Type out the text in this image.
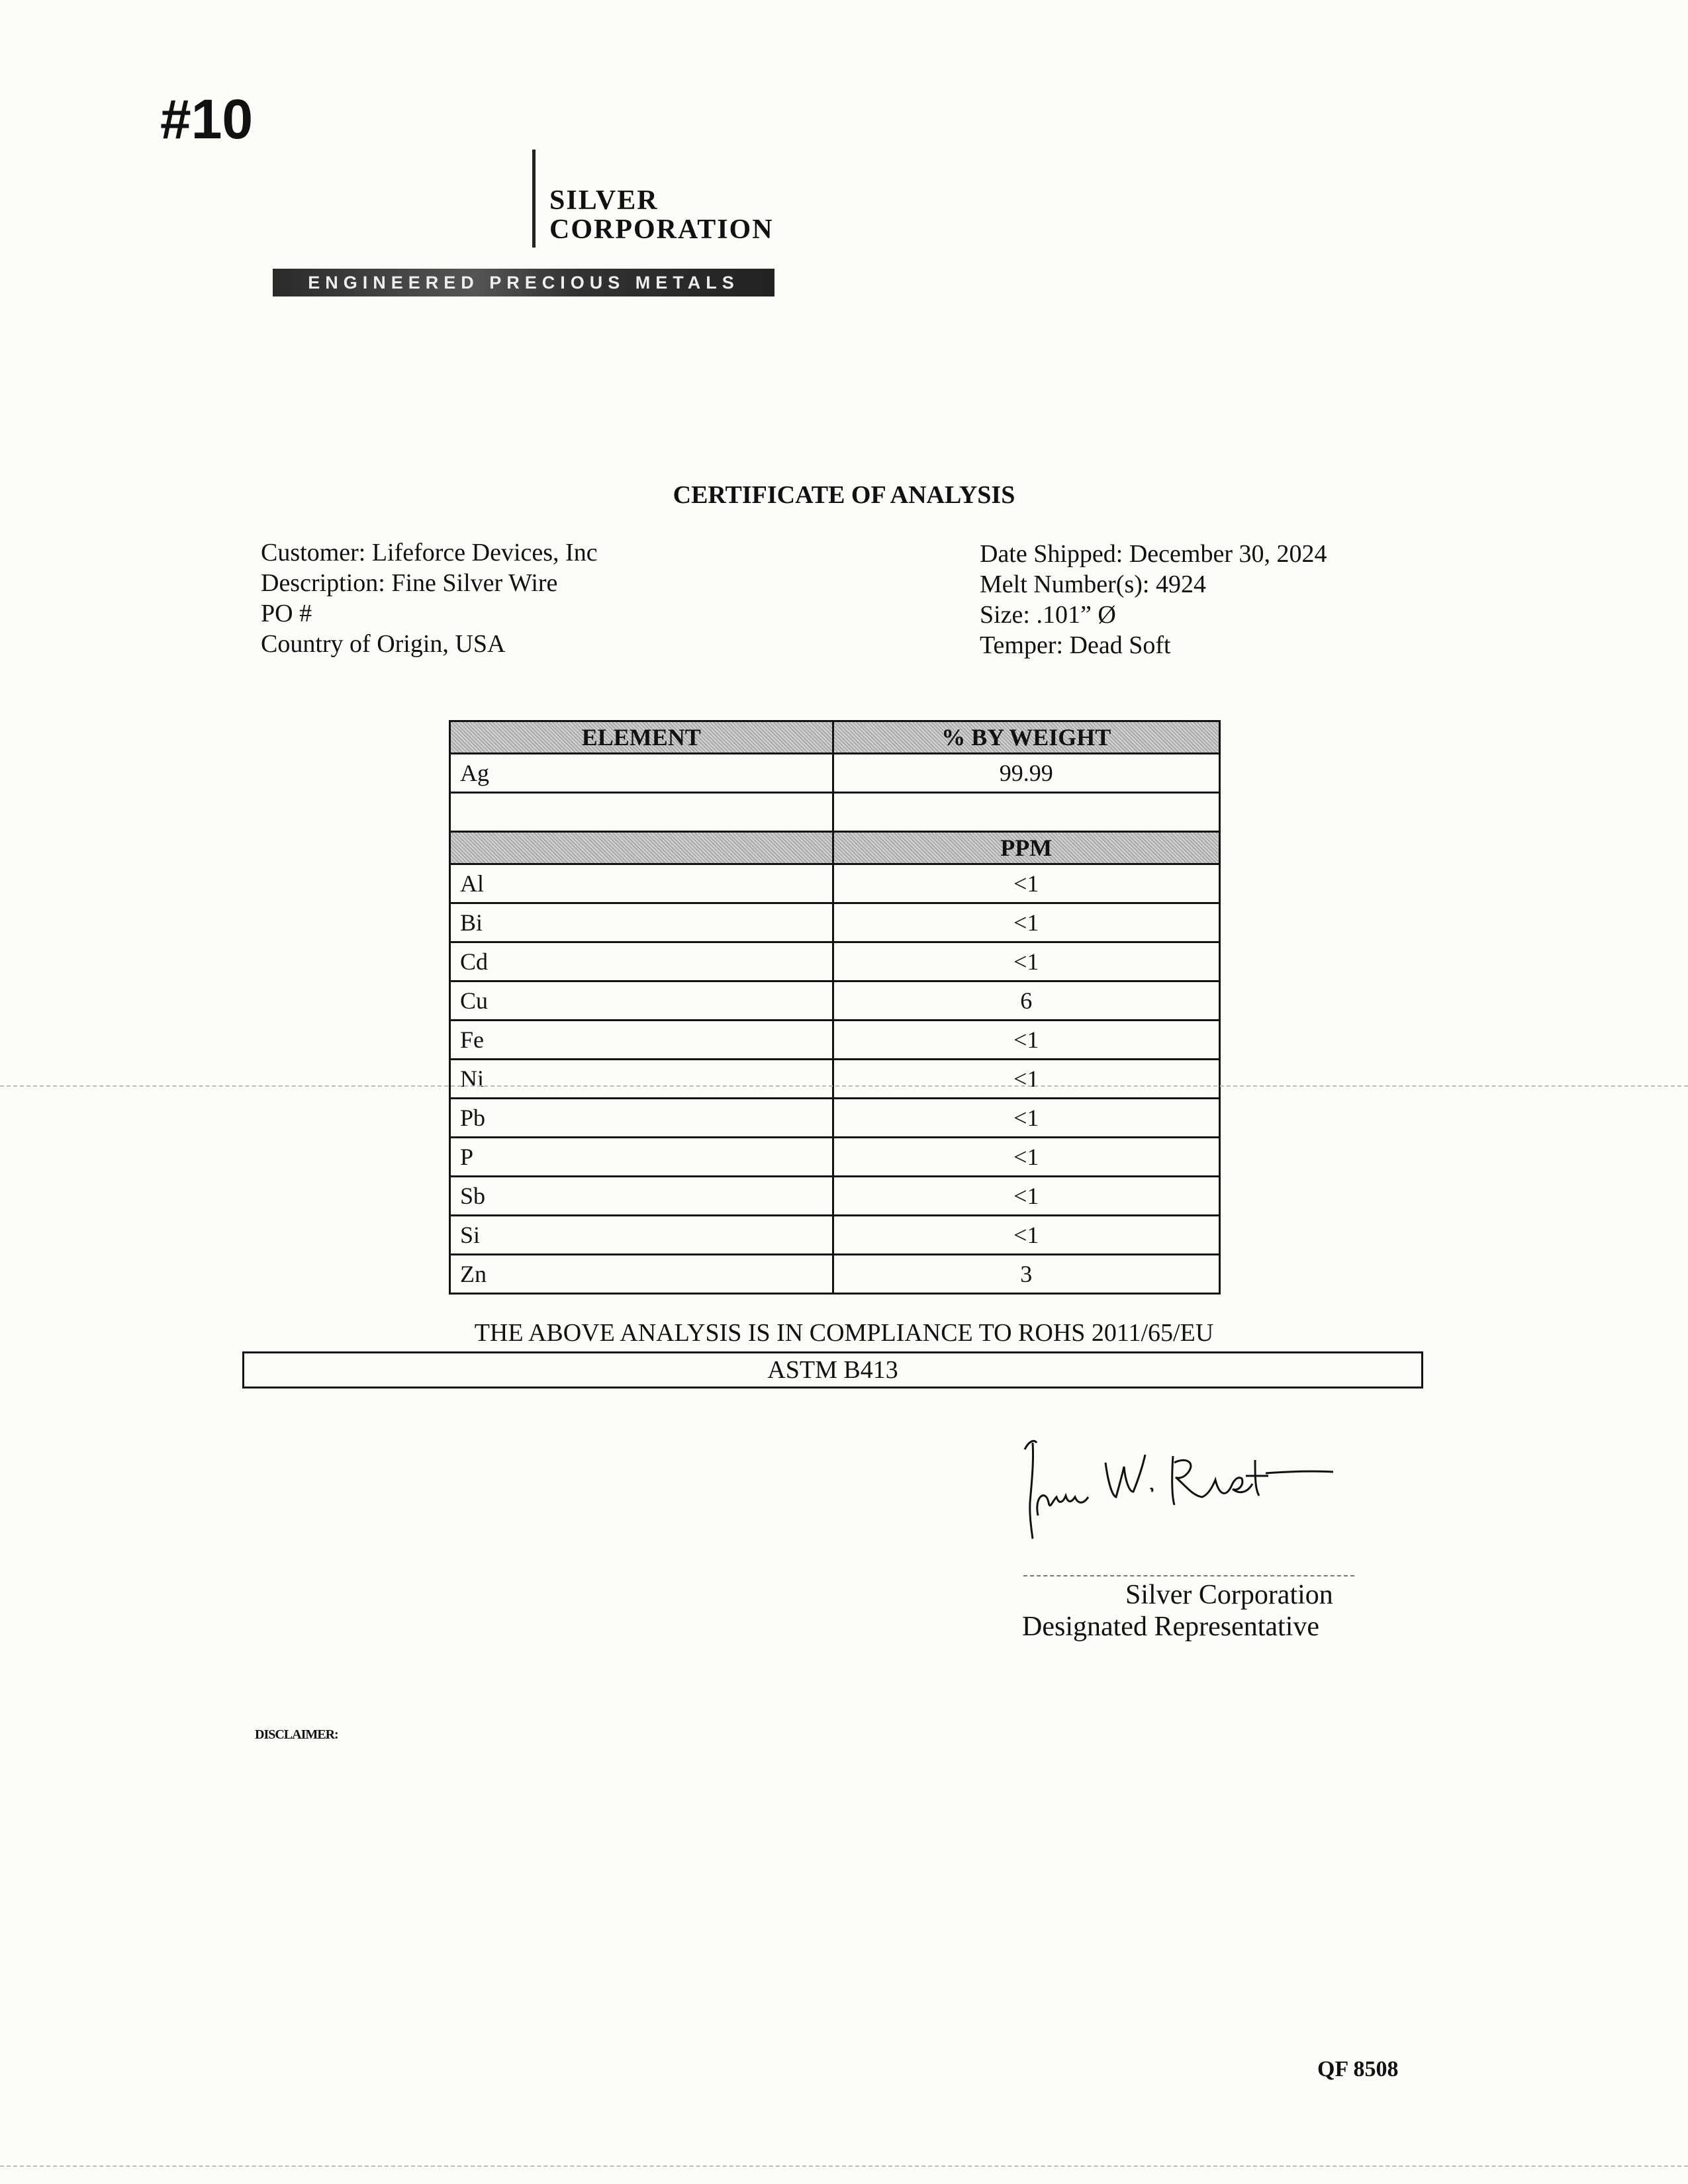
#10
SILVER
CORPORATION
ENGINEERED PRECIOUS METALS
CERTIFICATE OF ANALYSIS
Customer: Lifeforce Devices, Inc
Description: Fine Silver Wire
PO #
Country of Origin, USA
Date Shipped: December 30, 2024
Melt Number(s): 4924
Size: .101” Ø
Temper: Dead Soft
ELEMENT	% BY WEIGHT
Ag	99.99

	PPM
Al	<1
Bi	<1
Cd	<1
Cu	6
Fe	<1
Ni	<1
Pb	<1
P	<1
Sb	<1
Si	<1
Zn	3
THE ABOVE ANALYSIS IS IN COMPLIANCE TO ROHS 2011/65/EU
ASTM B413
Silver Corporation
Designated Representative
DISCLAIMER:
QF 8508
